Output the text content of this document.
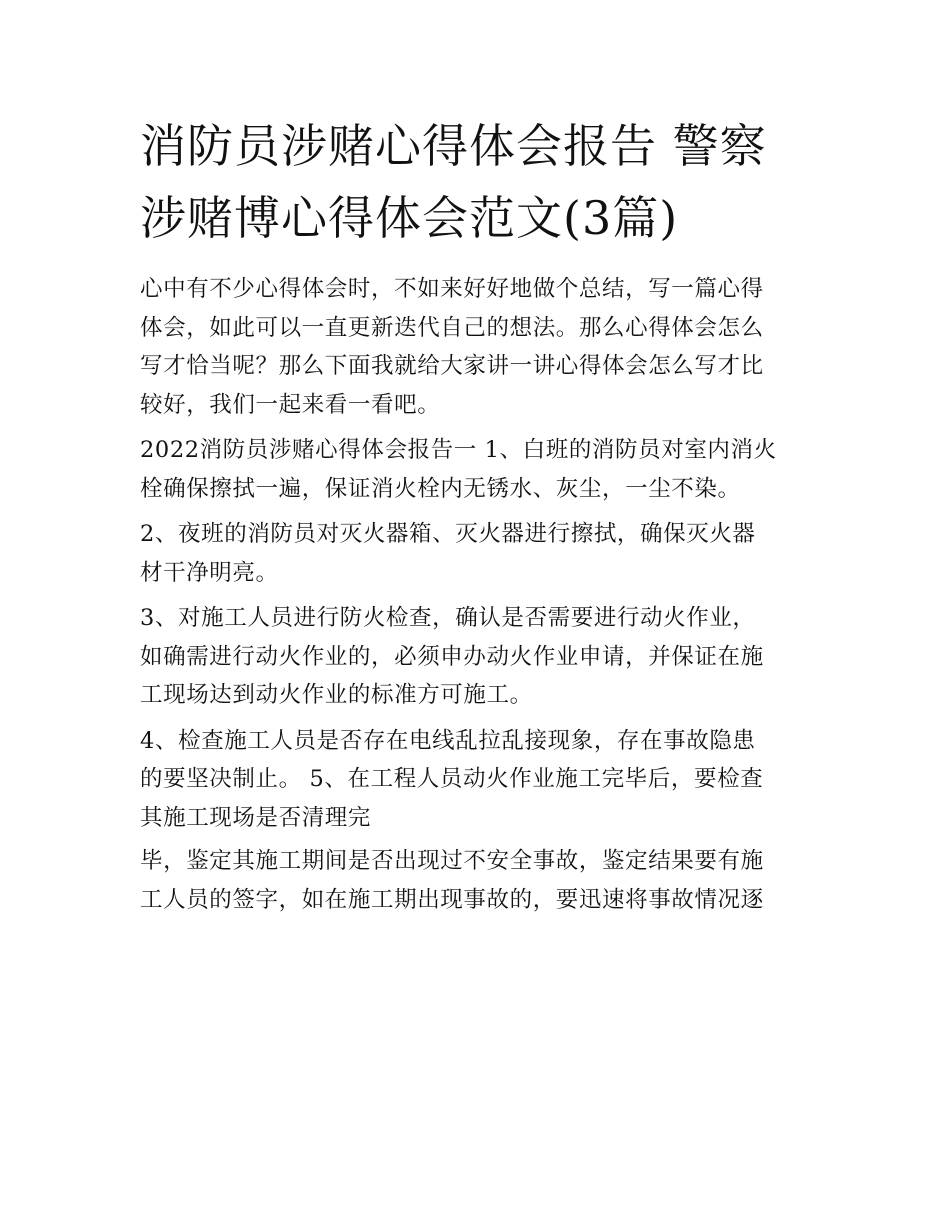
消防员涉赌心得体会报告 警察
涉赌博心得体会范文(3篇)

心中有不少心得体会时，不如来好好地做个总结，写一篇心得
体会，如此可以一直更新迭代自己的想法。那么心得体会怎么
写才恰当呢？那么下面我就给大家讲一讲心得体会怎么写才比
较好，我们一起来看一看吧。

2022消防员涉赌心得体会报告一 1、白班的消防员对室内消火
栓确保擦拭一遍，保证消火栓内无锈水、灰尘，一尘不染。

2、夜班的消防员对灭火器箱、灭火器进行擦拭，确保灭火器
材干净明亮。

3、对施工人员进行防火检查，确认是否需要进行动火作业，
如确需进行动火作业的，必须申办动火作业申请，并保证在施
工现场达到动火作业的标准方可施工。

4、检查施工人员是否存在电线乱拉乱接现象，存在事故隐患
的要坚决制止。 5、在工程人员动火作业施工完毕后，要检查
其施工现场是否清理完

毕，鉴定其施工期间是否出现过不安全事故，鉴定结果要有施
工人员的签字，如在施工期出现事故的，要迅速将事故情况逐
